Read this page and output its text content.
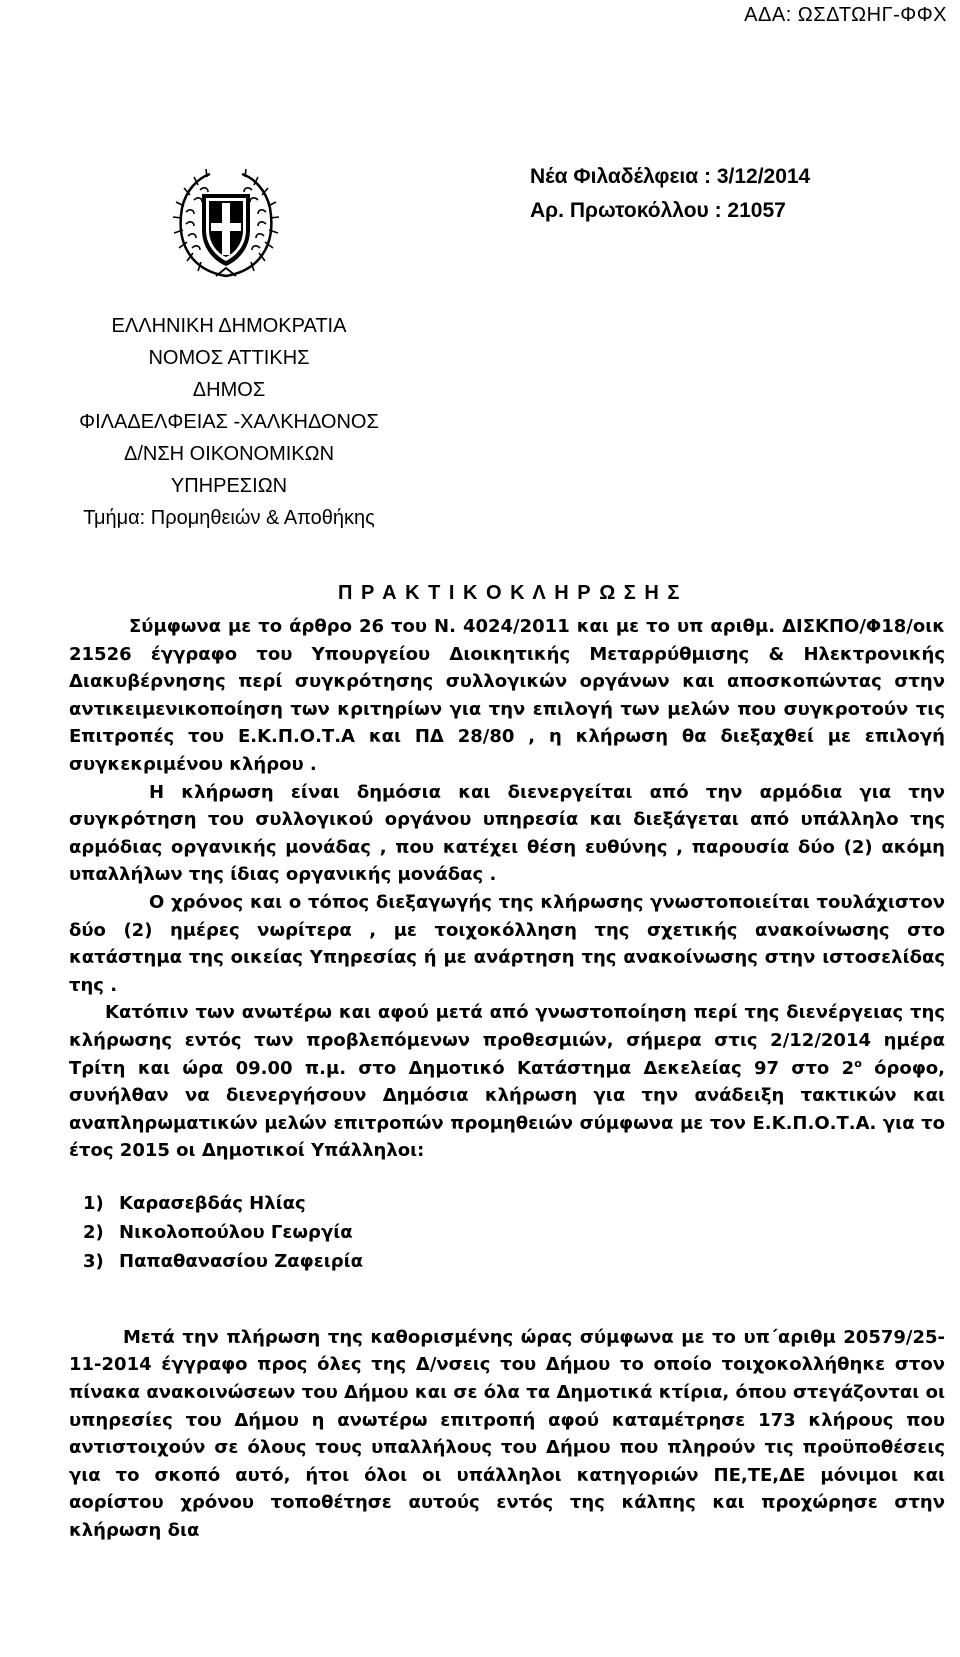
ΑΔΑ: ΩΣΔΤΩΗΓ-ΦΦΧ
Νέα Φιλαδέλφεια : 3/12/2014
Αρ. Πρωτοκόλλου : 21057
ΕΛΛΗΝΙΚΗ ΔΗΜΟΚΡΑΤΙΑ
ΝΟΜΟΣ ΑΤΤΙΚΗΣ
ΔΗΜΟΣ
ΦΙΛΑΔΕΛΦΕΙΑΣ -ΧΑΛΚΗΔΟΝΟΣ
Δ/ΝΣΗ ΟΙΚΟΝΟΜΙΚΩΝ
ΥΠΗΡΕΣΙΩΝ
Τμήμα: Προμηθειών & Αποθήκης
Π Ρ Α Κ Τ Ι Κ Ο Κ Λ Η Ρ Ω Σ Η Σ

Σύμφωνα με το άρθρο 26 του Ν. 4024/2011 και με το υπ αριθμ. ΔΙΣΚΠΟ/Φ18/οικ 21526 έγγραφο του Υπουργείου Διοικητικής Μεταρρύθμισης & Ηλεκτρονικής Διακυβέρνησης περί συγκρότησης συλλογικών οργάνων και αποσκοπώντας στην αντικειμενικοποίηση των κριτηρίων για την επιλογή των μελών που συγκροτούν τις Επιτροπές του Ε.Κ.Π.Ο.Τ.Α και ΠΔ 28/80 , η κλήρωση θα διεξαχθεί με επιλογή συγκεκριμένου κλήρου .

Η κλήρωση είναι δημόσια και διενεργείται από την αρμόδια για την συγκρότηση του συλλογικού οργάνου υπηρεσία και διεξάγεται από υπάλληλο της αρμόδιας οργανικής μονάδας , που κατέχει θέση ευθύνης , παρουσία δύο (2) ακόμη υπαλλήλων της ίδιας οργανικής μονάδας .

Ο χρόνος και ο τόπος διεξαγωγής της κλήρωσης γνωστοποιείται τουλάχιστον δύο (2) ημέρες νωρίτερα , με τοιχοκόλληση της σχετικής ανακοίνωσης στο κατάστημα της οικείας Υπηρεσίας ή με ανάρτηση της ανακοίνωσης στην ιστοσελίδας της .

Κατόπιν των ανωτέρω και αφού μετά από γνωστοποίηση περί της διενέργειας της κλήρωσης εντός των προβλεπόμενων προθεσμιών, σήμερα στις 2/12/2014 ημέρα Τρίτη και ώρα 09.00 π.μ. στο Δημοτικό Κατάστημα Δεκελείας 97 στο $2^o$ όροφο, συνήλθαν να διενεργήσουν Δημόσια κλήρωση για την ανάδειξη τακτικών και αναπληρωματικών μελών επιτροπών προμηθειών σύμφωνα με τον Ε.Κ.Π.Ο.Τ.Α. για το έτος 2015 οι Δημοτικοί Υπάλληλοι:

1) Καρασεβδάς Ηλίας
2) Νικολοπούλου Γεωργία
3) Παπαθανασίου Ζαφειρία

Μετά την πλήρωση της καθορισμένης ώρας σύμφωνα με το υπ΄αριθμ 20579/25-11-2014 έγγραφο προς όλες της Δ/νσεις του Δήμου το οποίο τοιχοκολλήθηκε στον πίνακα ανακοινώσεων του Δήμου και σε όλα τα Δημοτικά κτίρια, όπου στεγάζονται οι υπηρεσίες του Δήμου η ανωτέρω επιτροπή αφού καταμέτρησε 173 κλήρους που αντιστοιχούν σε όλους τους υπαλλήλους του Δήμου που πληρούν τις προϋποθέσεις για το σκοπό αυτό, ήτοι όλοι οι υπάλληλοι κατηγοριών ΠΕ,ΤΕ,ΔΕ μόνιμοι και αορίστου χρόνου τοποθέτησε αυτούς εντός της κάλπης και προχώρησε στην κλήρωση δια
